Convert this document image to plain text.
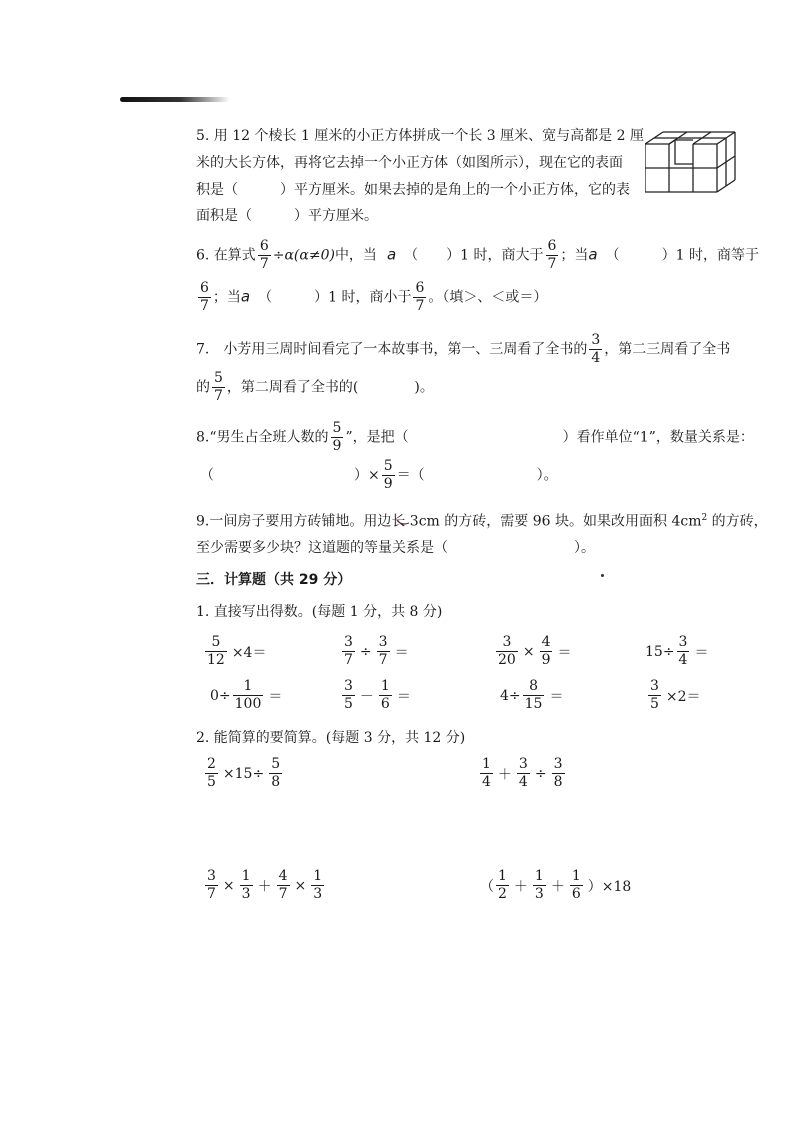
5. 用 12 个棱长 1 厘米的小正方体拼成一个长 3 厘米、宽与高都是 2 厘
米的大长方体，再将它去掉一个小正方体（如图所示），现在它的表面
积是（　　　）平方厘米。如果去掉的是角上的一个小正方体，它的表
面积是（　　　）平方厘米。
6. 在算式 $\frac{6}{7} \div\alpha(\alpha\ne 0)$中，当 a （　　）1 时，商大于 $\frac{6}{7}$ ；当a （　　　）1 时，商等于
$\frac{6}{7}$ ；当a （　　　）1 时，商小于 $\frac{6}{7}$ 。（填＞、＜或＝）
7.　小芳用三周时间看完了一本故事书，第一、三周看了全书的 $\frac{3}{4}$ ，第二三周看了全书
的 $\frac{5}{7}$ ，第二周看了全书的(　　　　)。
8.“男生占全班人数的 $\frac{5}{9}$ ”，是把（　　　　　　　　　　　）看作单位“1”，数量关系是：
（　　　　　　　　　　）× $\frac{5}{9}$ ＝（　　　　　　　　）。
9.一间房子要用方砖铺地。用边长 3cm 的方砖，需要 96 块。如果改用面积 $4cm^2$ 的方砖，
至少需要多少块？这道题的等量关系是（　　　　　　　　　）。
三．计算题（共 29 分）
1. 直接写出得数。(每题 1 分，共 8 分)
$\frac{5}{12} \times 4=$	$\frac{3}{7} \div \frac{3}{7}$ ＝	$\frac{3}{20} \times \frac{4}{9}$ ＝	$15\div \frac{3}{4}$ ＝
$0\div \frac{1}{100}$ ＝	$\frac{3}{5} - \frac{1}{6}$ ＝	$4\div \frac{8}{15}$ ＝	$\frac{3}{5} \times 2=$
2. 能简算的要简算。(每题 3 分，共 12 分)
$\frac{2}{5} \times 15\div \frac{5}{8}$	$\frac{1}{4} + \frac{3}{4} \div \frac{3}{8}$
$\frac{3}{7} \times \frac{1}{3} + \frac{4}{7} \times \frac{1}{3}$	（ $\frac{1}{2} + \frac{1}{3} + \frac{1}{6} )\times 18$
